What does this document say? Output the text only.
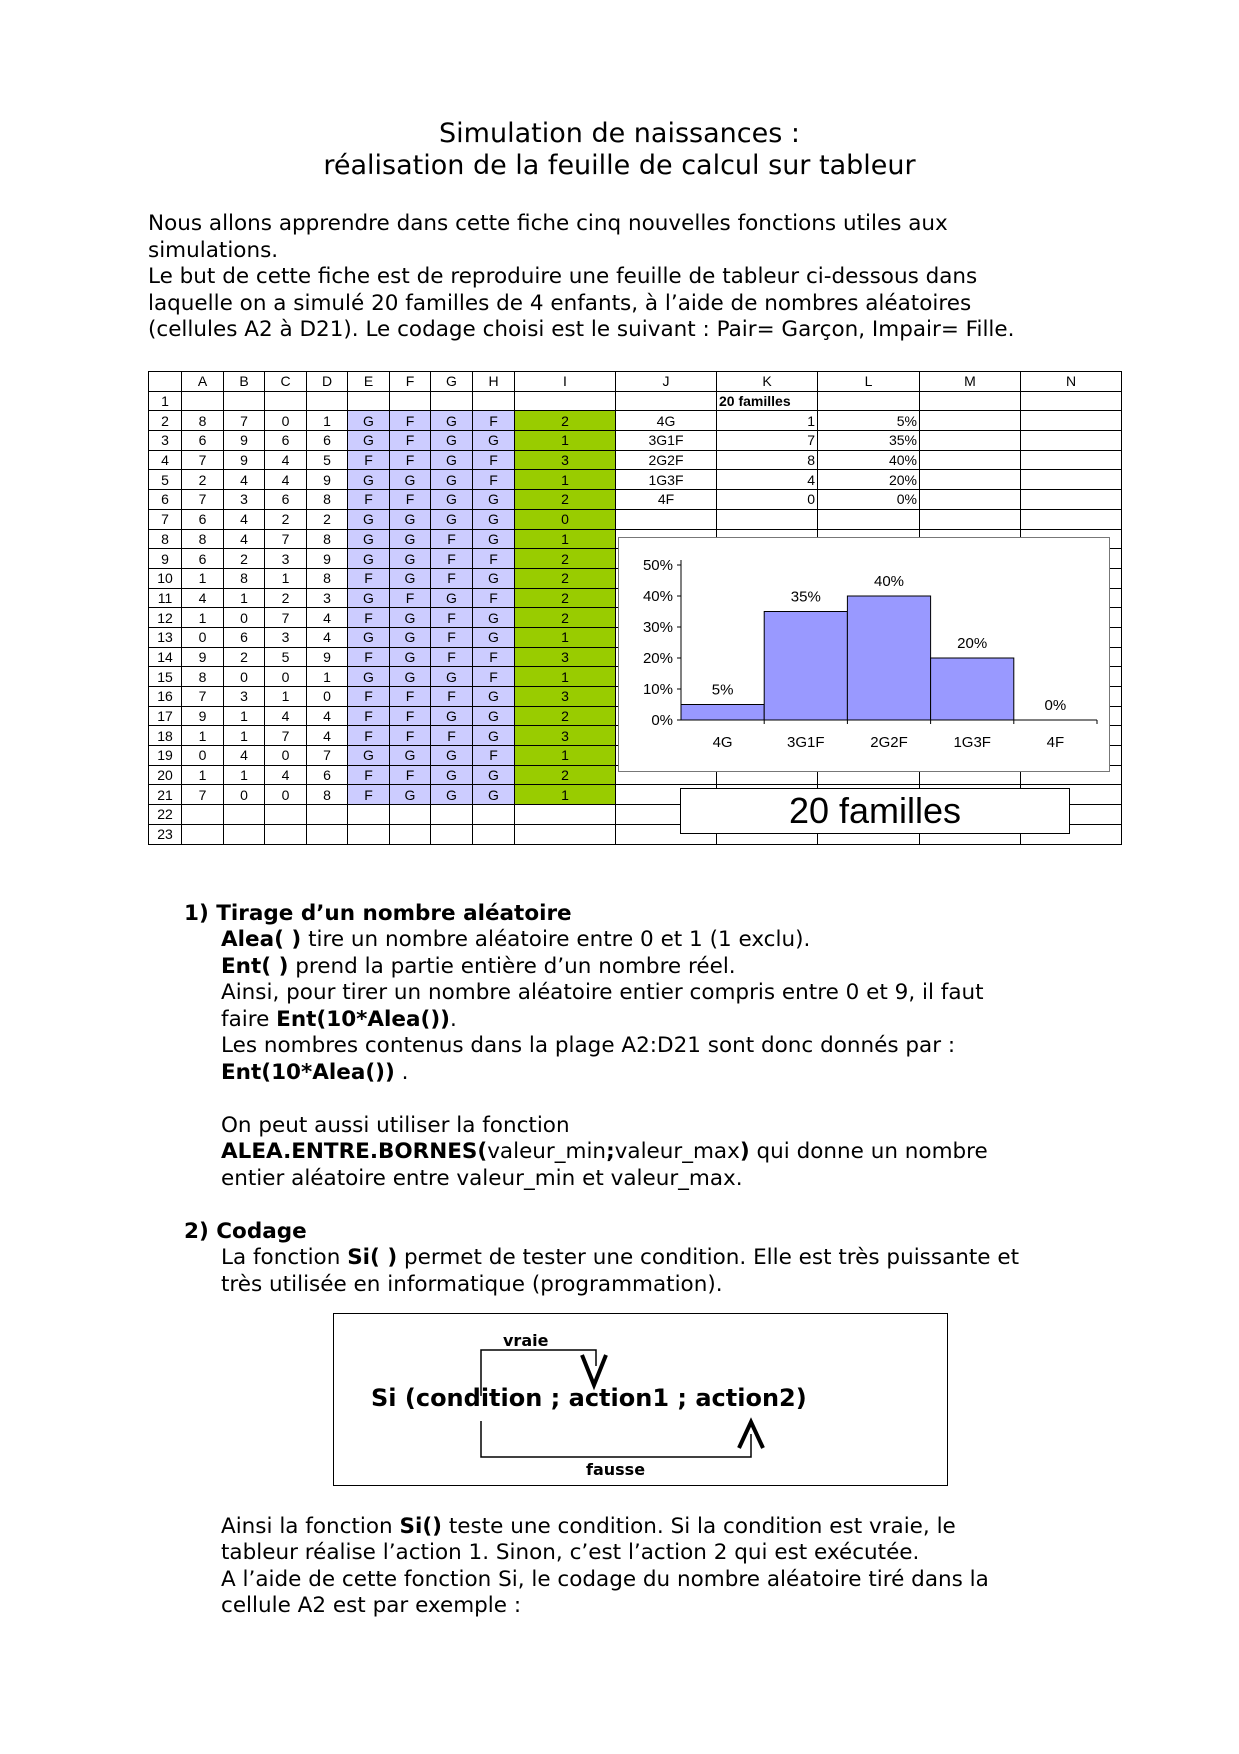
Simulation de naissances :
réalisation de la feuille de calcul sur tableur
Nous allons apprendre dans cette fiche cinq nouvelles fonctions utiles aux
simulations.
Le but de cette fiche est de reproduire une feuille de tableur ci-dessous dans
laquelle on a simulé 20 familles de 4 enfants, à l’aide de nombres aléatoires
(cellules A2 à D21). Le codage choisi est le suivant : Pair= Garçon, Impair= Fille.
	A	B	C	D	E	F	G	H	I	J	K	L	M	N
1											20 familles			
2	8	7	0	1	G	F	G	F	2	4G	1	5%		
3	6	9	6	6	G	F	G	G	1	3G1F	7	35%		
4	7	9	4	5	F	F	G	F	3	2G2F	8	40%		
5	2	4	4	9	G	G	G	F	1	1G3F	4	20%		
6	7	3	6	8	F	F	G	G	2	4F	0	0%		
7	6	4	2	2	G	G	G	G	0					
8	8	4	7	8	G	G	F	G	1					
9	6	2	3	9	G	G	F	F	2					
10	1	8	1	8	F	G	F	G	2					
11	4	1	2	3	G	F	G	F	2					
12	1	0	7	4	F	G	F	G	2					
13	0	6	3	4	G	G	F	G	1					
14	9	2	5	9	F	G	F	F	3					
15	8	0	0	1	G	G	G	F	1					
16	7	3	1	0	F	F	F	G	3					
17	9	1	4	4	F	F	G	G	2					
18	1	1	7	4	F	F	F	G	3					
19	0	4	0	7	G	G	G	F	1					
20	1	1	4	6	F	F	G	G	2					
21	7	0	0	8	F	G	G	G	1					
22														
23														
0%
10%
20%
30%
40%
50%
5%
4G
35%
3G1F
40%
2G2F
20%
1G3F
0%
4F
20 familles
1) Tirage d’un nombre aléatoire
Alea( ) tire un nombre aléatoire entre 0 et 1 (1 exclu).
Ent( ) prend la partie entière d’un nombre réel.
Ainsi, pour tirer un nombre aléatoire entier compris entre 0 et 9, il faut
faire Ent(10*Alea()).
Les nombres contenus dans la plage A2:D21 sont donc donnés par :
Ent(10*Alea()) .
On peut aussi utiliser la fonction
ALEA.ENTRE.BORNES(valeur_min;valeur_max) qui donne un nombre
entier aléatoire entre valeur_min et valeur_max.
2) Codage
La fonction Si( ) permet de tester une condition. Elle est très puissante et
très utilisée en informatique (programmation).
vraie
Si (condition ; action1 ; action2)
fausse
Ainsi la fonction Si() teste une condition. Si la condition est vraie, le
tableur réalise l’action 1. Sinon, c’est l’action 2 qui est exécutée.
A l’aide de cette fonction Si, le codage du nombre aléatoire tiré dans la
cellule A2 est par exemple :
